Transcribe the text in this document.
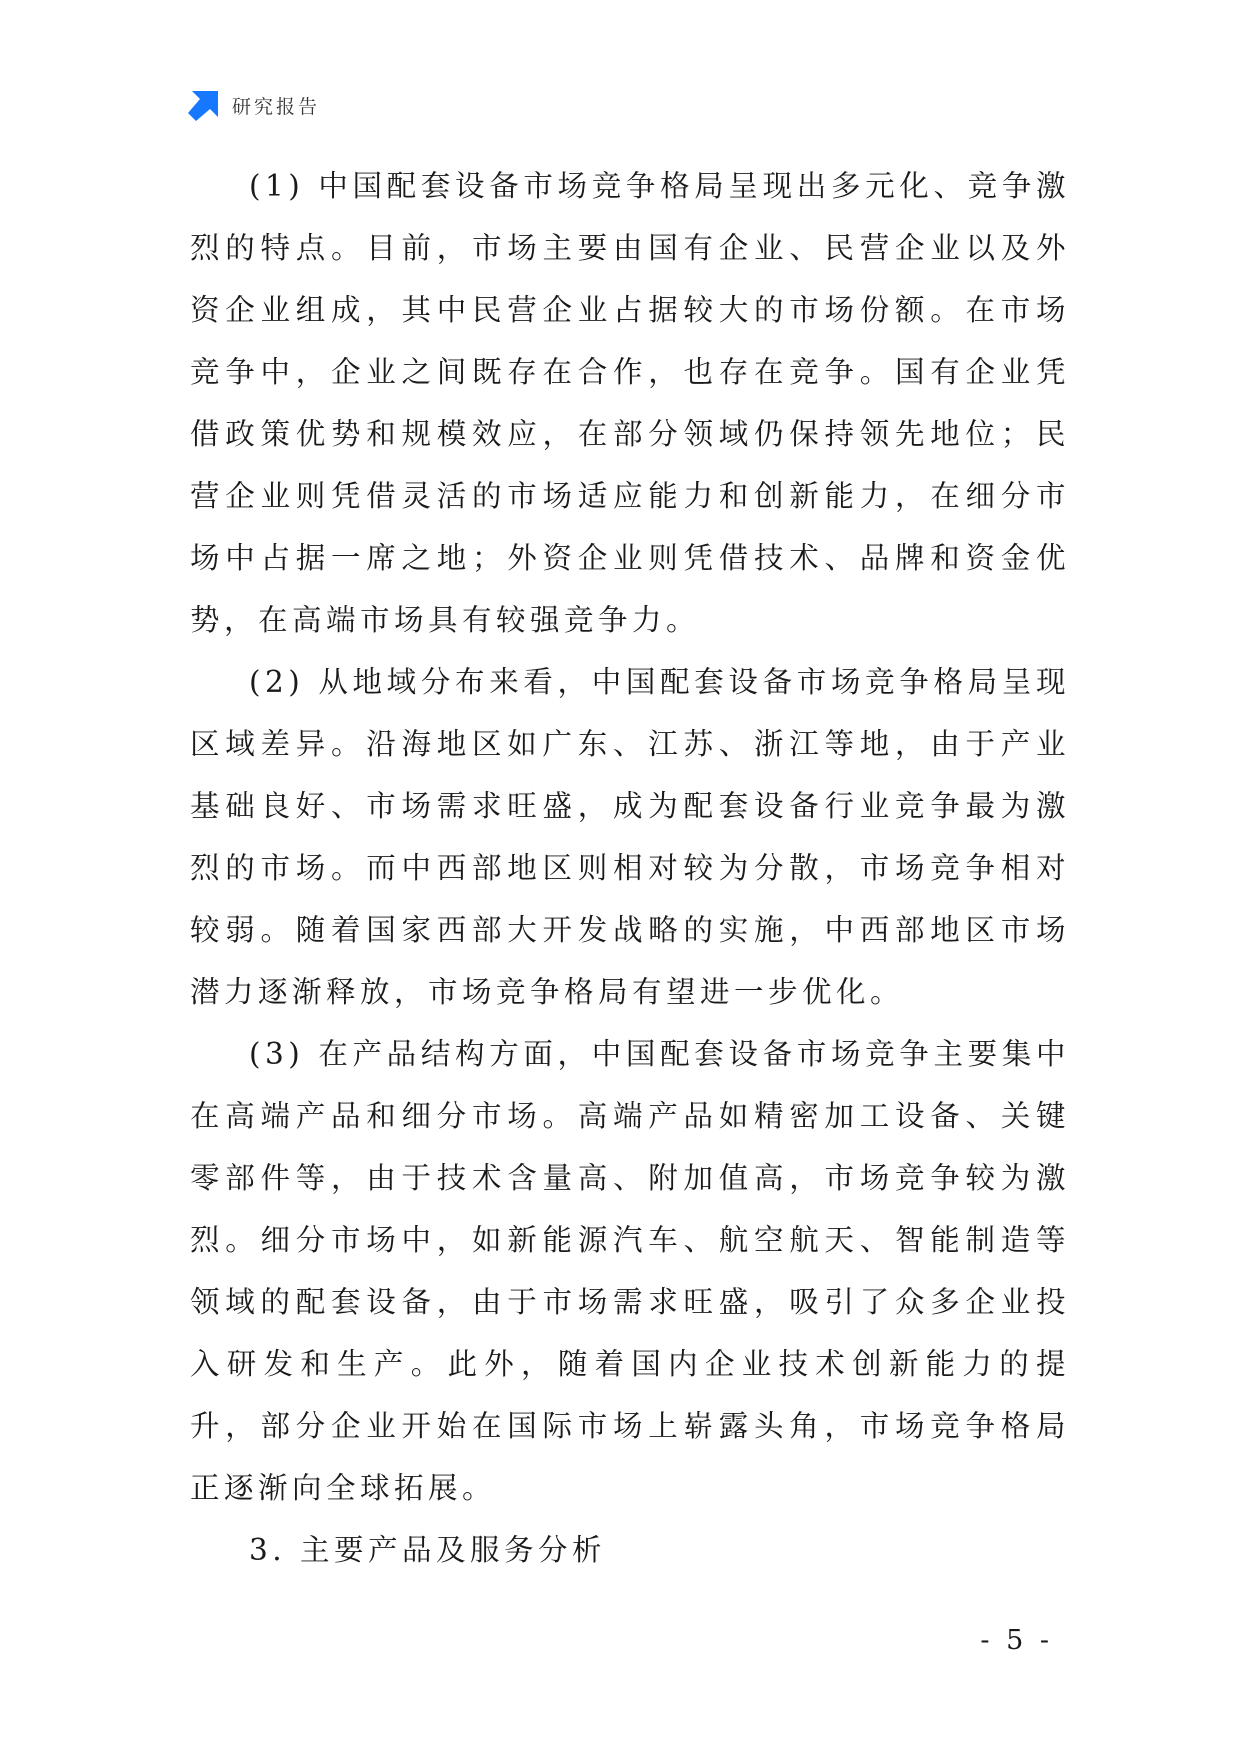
研究报告

(1) 中国配套设备市场竞争格局呈现出多元化、竞争激烈的特点。目前，市场主要由国有企业、民营企业以及外资企业组成，其中民营企业占据较大的市场份额。在市场竞争中，企业之间既存在合作，也存在竞争。国有企业凭借政策优势和规模效应，在部分领域仍保持领先地位；民营企业则凭借灵活的市场适应能力和创新能力，在细分市场中占据一席之地；外资企业则凭借技术、品牌和资金优势，在高端市场具有较强竞争力。

(2) 从地域分布来看，中国配套设备市场竞争格局呈现区域差异。沿海地区如广东、江苏、浙江等地，由于产业基础良好、市场需求旺盛，成为配套设备行业竞争最为激烈的市场。而中西部地区则相对较为分散，市场竞争相对较弱。随着国家西部大开发战略的实施，中西部地区市场潜力逐渐释放，市场竞争格局有望进一步优化。

(3) 在产品结构方面，中国配套设备市场竞争主要集中在高端产品和细分市场。高端产品如精密加工设备、关键零部件等，由于技术含量高、附加值高，市场竞争较为激烈。细分市场中，如新能源汽车、航空航天、智能制造等领域的配套设备，由于市场需求旺盛，吸引了众多企业投入研发和生产。此外，随着国内企业技术创新能力的提升，部分企业开始在国际市场上崭露头角，市场竞争格局正逐渐向全球拓展。

3. 主要产品及服务分析

- 5 -
